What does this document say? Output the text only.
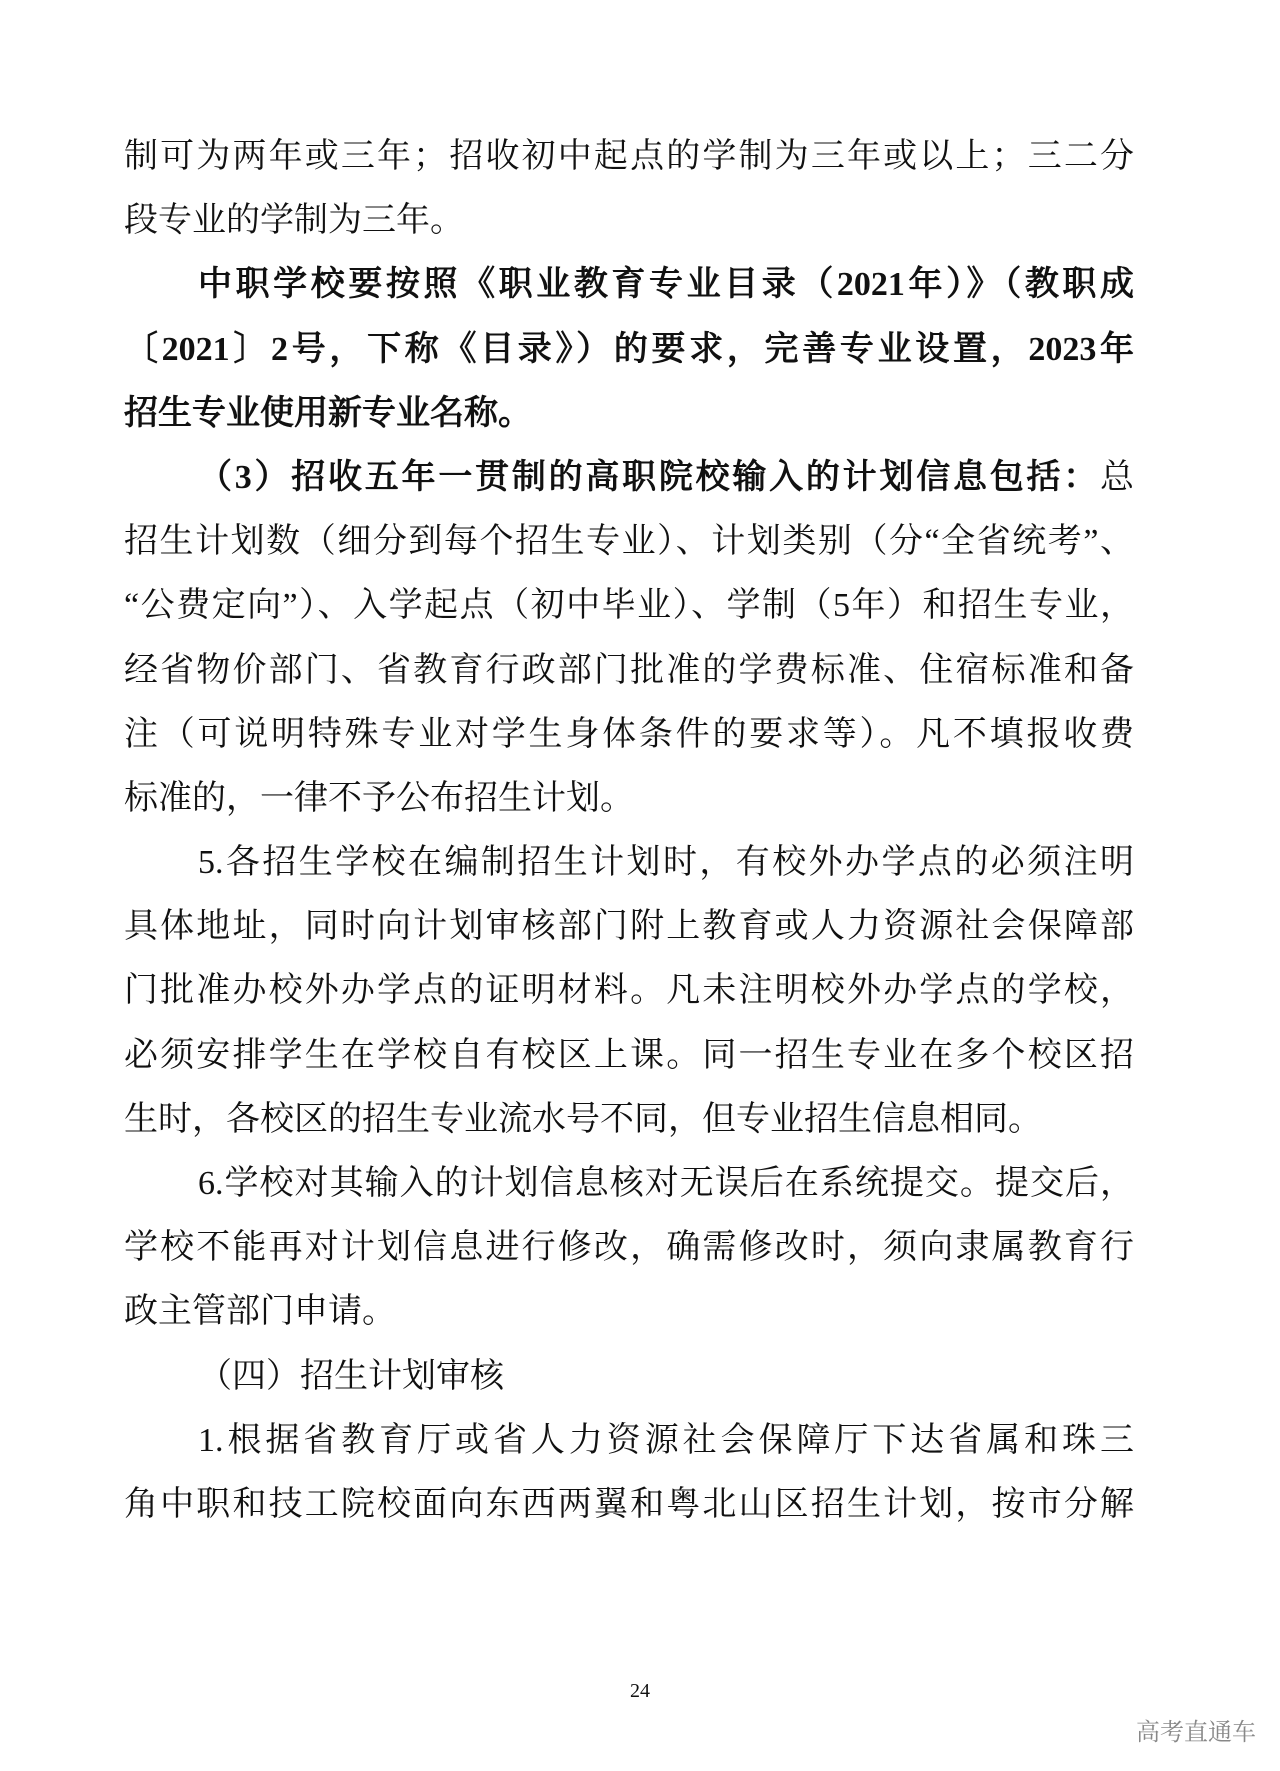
制可为两年或三年；招收初中起点的学制为三年或以上；三二分
段专业的学制为三年。
中职学校要按照《职业教育专业目录（2021年）》（教职成
〔2021〕2号，下称《目录》）的要求，完善专业设置，2023年
招生专业使用新专业名称。
（3）招收五年一贯制的高职院校输入的计划信息包括：总
招生计划数（细分到每个招生专业）、计划类别（分“全省统考”、
“公费定向”）、入学起点（初中毕业）、学制（5年）和招生专业，
经省物价部门、省教育行政部门批准的学费标准、住宿标准和备
注（可说明特殊专业对学生身体条件的要求等）。凡不填报收费
标准的，一律不予公布招生计划。
5.各招生学校在编制招生计划时，有校外办学点的必须注明
具体地址，同时向计划审核部门附上教育或人力资源社会保障部
门批准办校外办学点的证明材料。凡未注明校外办学点的学校，
必须安排学生在学校自有校区上课。同一招生专业在多个校区招
生时，各校区的招生专业流水号不同，但专业招生信息相同。
6.学校对其输入的计划信息核对无误后在系统提交。提交后，
学校不能再对计划信息进行修改，确需修改时，须向隶属教育行
政主管部门申请。
（四）招生计划审核
1.根据省教育厅或省人力资源社会保障厅下达省属和珠三
角中职和技工院校面向东西两翼和粤北山区招生计划，按市分解
24
高考直通车
